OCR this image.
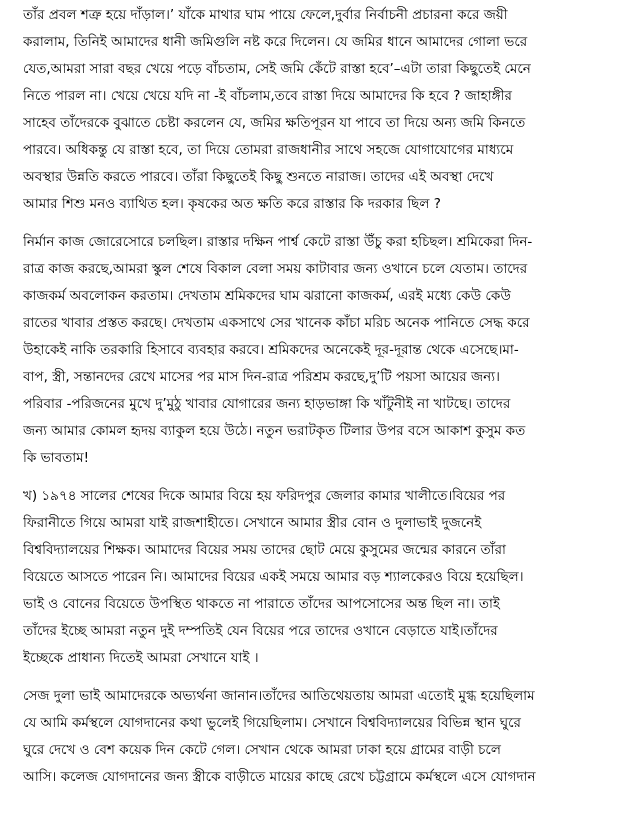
তাঁর প্রবল শত্রু হয়ে দাঁড়াল।’ যাঁকে মাথার ঘাম পায়ে ফেলে,দুর্বার নির্বাচনী প্রচারনা করে জয়ী
করালাম, তিনিই আমাদের ধানী জমিগুলি নষ্ট করে দিলেন। যে জমির ধানে আমাদের গোলা ভরে
যেত,আমরা সারা বছর খেয়ে পড়ে বাঁচতাম, সেই জমি কেঁটে রাস্তা হবে’–এটা তারা কিছুতেই মেনে
নিতে পারল না। খেয়ে খেয়ে যদি না -ই বাঁচলাম,তবে রাস্তা দিয়ে আমাদের কি হবে ? জাহাঙ্গীর
সাহেব তাঁদেরকে বুঝাতে চেষ্টা করলেন যে, জমির ক্ষতিপূরন যা পাবে তা দিয়ে অন্য জমি কিনতে
পারবে। অধিকন্তু যে রাস্তা হবে, তা দিয়ে তোমরা রাজধানীর সাথে সহজে যোগাযোগের মাধ্যমে
অবস্থার উন্নতি করতে পারবে। তাঁরা কিছুতেই কিছু শুনতে নারাজ। তাদের এই অবস্থা দেখে
আমার শিশু মনও ব্যাথিত হল। কৃষকের অত ক্ষতি করে রাস্তার কি দরকার ছিল ?
নির্মান কাজ জোরেসোরে চলছিল। রাস্তার দক্ষিন পার্শ্ব কেটে রাস্তা উঁচু করা হচিছল। শ্রমিকেরা দিন-
রাত্র কাজ করছে,আমরা স্কুল শেষে বিকাল বেলা সময় কাটাবার জন্য ওখানে চলে যেতাম। তাদের
কাজকর্ম অবলোকন করতাম। দেখতাম শ্রমিকদের ঘাম ঝরানো কাজকর্ম, এরই মধ্যে কেউ কেউ
রাতের খাবার প্রস্তত করছে। দেখতাম একসাথে সের খানেক কাঁচা মরিচ অনেক পানিতে সেদ্ধ করে
উহাকেই নাকি তরকারি হিসাবে ব্যবহার করবে। শ্রমিকদের অনেকেই দূর-দূরান্ত থেকে এসেছে।মা-
বাপ, স্ত্রী, সন্তানদের রেখে মাসের পর মাস দিন-রাত্র পরিশ্রম করছে,দু’টি পয়সা আয়ের জন্য।
পরিবার -পরিজনের মুখে দু’মুঠু খাবার যোগারের জন্য হাড়ভাঙ্গা কি খাঁটুনীই না খাটছে। তাদের
জন্য আমার কোমল হৃদয় ব্যাকুল হয়ে উঠে। নতুন ভরাটকৃত টিলার উপর বসে আকাশ কুসুম কত
কি ভাবতাম!
খ) ১৯৭৪ সালের শেষের দিকে আমার বিয়ে হয় ফরিদপুর জেলার কামার খালীতে।বিয়ের পর
ফিরানীতে গিয়ে আমরা যাই রাজশাহীতে। সেখানে আমার স্ত্রীর বোন ও দুলাভাই দুজনেই
বিশ্ববিদ্যালয়ের শিক্ষক। আমাদের বিয়ের সময় তাদের ছোট মেয়ে কুসুমের জন্মের কারনে তাঁরা
বিয়েতে আসতে পারেন নি। আমাদের বিয়ের একই সময়ে আমার বড় শ্যালকেরও বিয়ে হয়েছিল।
ভাই ও বোনের বিয়েতে উপস্থিত থাকতে না পারাতে তাঁদের আপসোসের অন্ত ছিল না। তাই
তাঁদের ইচ্ছে আমরা নতুন দুই দম্পতিই যেন বিয়ের পরে তাদের ওখানে বেড়াতে যাই।তাঁদের
ইচ্ছেকে প্রাধান্য দিতেই আমরা সেখানে যাই ।
সেজ দুলা ভাই আমাদেরকে অভ্যর্থনা জানান।তাঁদের আতিথেয়তায় আমরা এতোই মুগ্ধ হয়েছিলাম
যে আমি কর্মস্থলে যোগদানের কথা ভুলেই গিয়েছিলাম। সেখানে বিশ্ববিদ্যালয়ের বিভিন্ন স্থান ঘুরে
ঘুরে দেখে ও বেশ কয়েক দিন কেটে গেল। সেখান থেকে আমরা ঢাকা হয়ে গ্রামের বাড়ী চলে
আসি। কলেজ যোগদানের জন্য স্ত্রীকে বাড়ীতে মায়ের কাছে রেখে চট্টগ্রামে কর্মস্থলে এসে যোগদান
